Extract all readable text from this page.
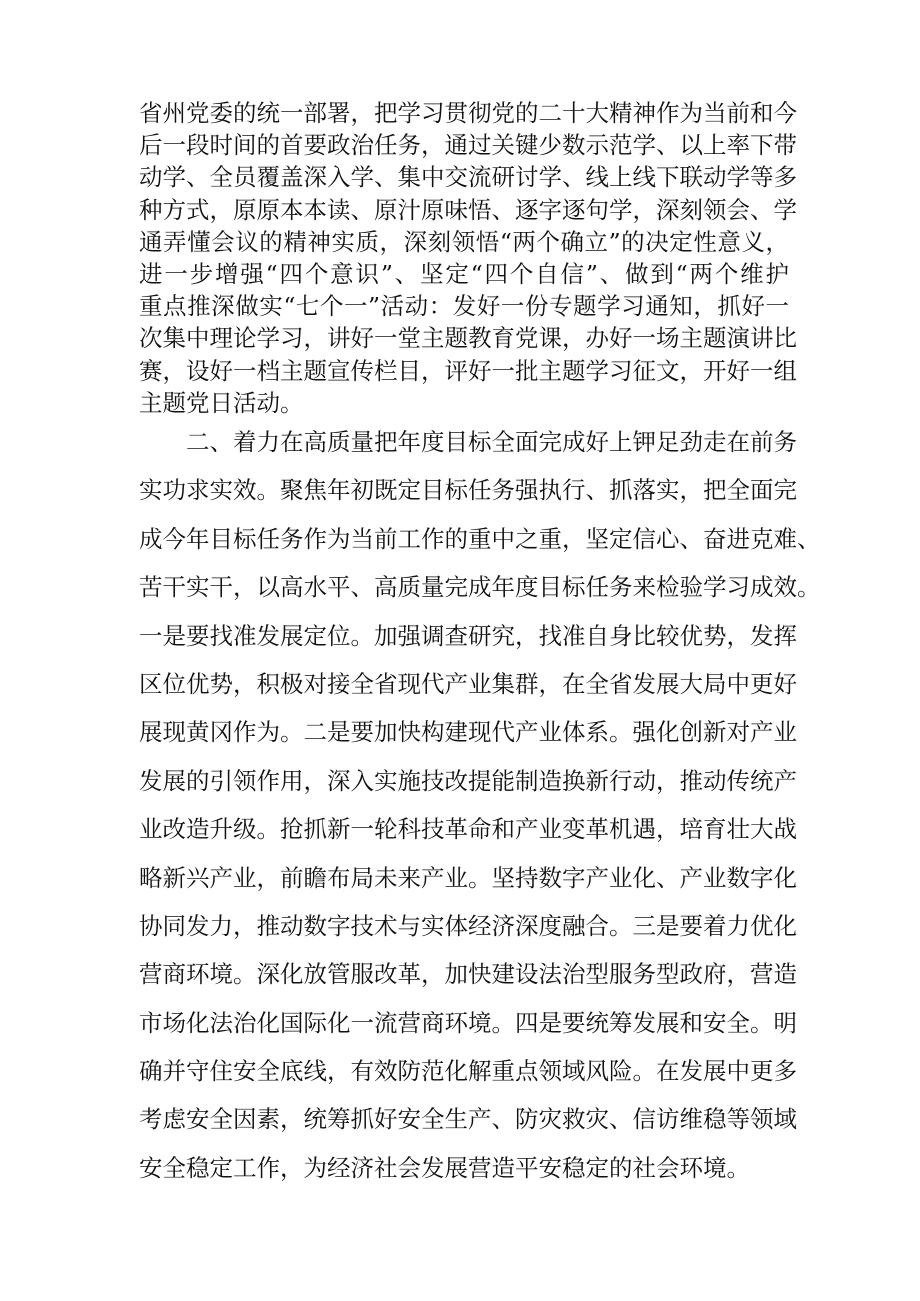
省州党委的统一部署，把学习贯彻党的二十大精神作为当前和今
后一段时间的首要政治任务，通过关键少数示范学、以上率下带
动学、全员覆盖深入学、集中交流研讨学、线上线下联动学等多
种方式，原原本本读、原汁原味悟、逐字逐句学，深刻领会、学
通弄懂会议的精神实质，深刻领悟“两个确立”的决定性意义，
进一步增强“四个意识”、坚定“四个自信”、做到“两个维护
重点推深做实“七个一”活动：发好一份专题学习通知，抓好一
次集中理论学习，讲好一堂主题教育党课，办好一场主题演讲比
赛，设好一档主题宣传栏目，评好一批主题学习征文，开好一组
主题党日活动。
二、着力在高质量把年度目标全面完成好上钾足劲走在前务
实功求实效。聚焦年初既定目标任务强执行、抓落实，把全面完
成今年目标任务作为当前工作的重中之重，坚定信心、奋进克难、
苦干实干，以高水平、高质量完成年度目标任务来检验学习成效。
一是要找准发展定位。加强调查研究，找准自身比较优势，发挥
区位优势，积极对接全省现代产业集群，在全省发展大局中更好
展现黄冈作为。二是要加快构建现代产业体系。强化创新对产业
发展的引领作用，深入实施技改提能制造换新行动，推动传统产
业改造升级。抢抓新一轮科技革命和产业变革机遇，培育壮大战
略新兴产业，前瞻布局未来产业。坚持数字产业化、产业数字化
协同发力，推动数字技术与实体经济深度融合。三是要着力优化
营商环境。深化放管服改革，加快建设法治型服务型政府，营造
市场化法治化国际化一流营商环境。四是要统筹发展和安全。明
确并守住安全底线，有效防范化解重点领域风险。在发展中更多
考虑安全因素，统筹抓好安全生产、防灾救灾、信访维稳等领域
安全稳定工作，为经济社会发展营造平安稳定的社会环境。
